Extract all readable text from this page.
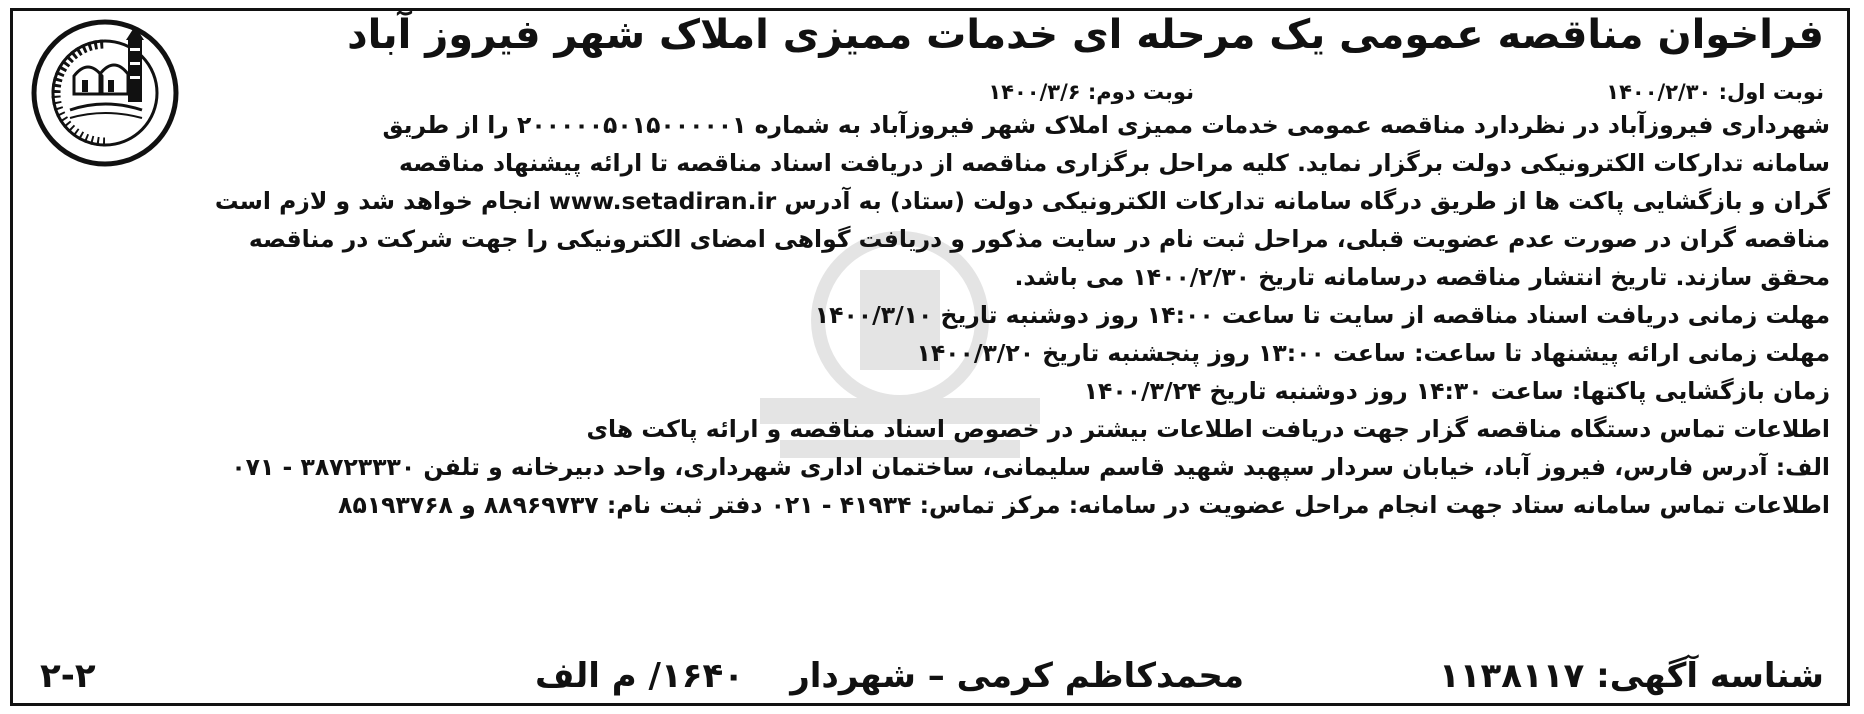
فراخوان مناقصه عمومی یک مرحله ای خدمات ممیزی املاک شهر فیروز آباد
نوبت اول: ۱۴۰۰/۲/۳۰
نوبت دوم: ۱۴۰۰/۳/۶
شهرداری فیروزآباد در نظردارد مناقصه عمومی خدمات ممیزی املاک شهر فیروزآباد به شماره ۲۰۰۰۰۰۵۰۱۵۰۰۰۰۰۱ را از طریق
سامانه تدارکات الکترونیکی دولت برگزار نماید. کلیه مراحل برگزاری مناقصه از دریافت اسناد مناقصه تا ارائه پیشنهاد مناقصه
گران و بازگشایی پاکت ها از طریق درگاه سامانه تدارکات الکترونیکی دولت (ستاد) به آدرس www.setadiran.ir انجام خواهد شد و لازم است
مناقصه گران در صورت عدم عضویت قبلی، مراحل ثبت نام در سایت مذکور و دریافت گواهی امضای الکترونیکی را جهت شرکت در مناقصه
محقق سازند. تاریخ انتشار مناقصه درسامانه تاریخ ۱۴۰۰/۲/۳۰ می باشد.
مهلت زمانی دریافت اسناد مناقصه از سایت تا ساعت ۱۴:۰۰ روز دوشنبه تاریخ ۱۴۰۰/۳/۱۰
مهلت زمانی ارائه پیشنهاد تا ساعت: ساعت ۱۳:۰۰ روز پنجشنبه تاریخ ۱۴۰۰/۳/۲۰
زمان بازگشایی پاکتها: ساعت ۱۴:۳۰ روز دوشنبه تاریخ ۱۴۰۰/۳/۲۴
اطلاعات تماس دستگاه مناقصه گزار جهت دریافت اطلاعات بیشتر در خصوص اسناد مناقصه و ارائه پاکت های
الف: آدرس فارس، فیروز آباد، خیابان سردار سپهبد شهید قاسم سلیمانی، ساختمان اداری شهرداری، واحد دبیرخانه و تلفن ۳۸۷۲۳۳۳۰ - ۰۷۱
اطلاعات تماس سامانه ستاد جهت انجام مراحل عضویت در سامانه: مرکز تماس: ۴۱۹۳۴ - ۰۲۱ دفتر ثبت نام: ۸۸۹۶۹۷۳۷ و ۸۵۱۹۳۷۶۸
شناسه آگهی: ۱۱۳۸۱۱۷
محمدکاظم کرمی – شهردار
۱۶۴۰/ م الف
۲-۲
